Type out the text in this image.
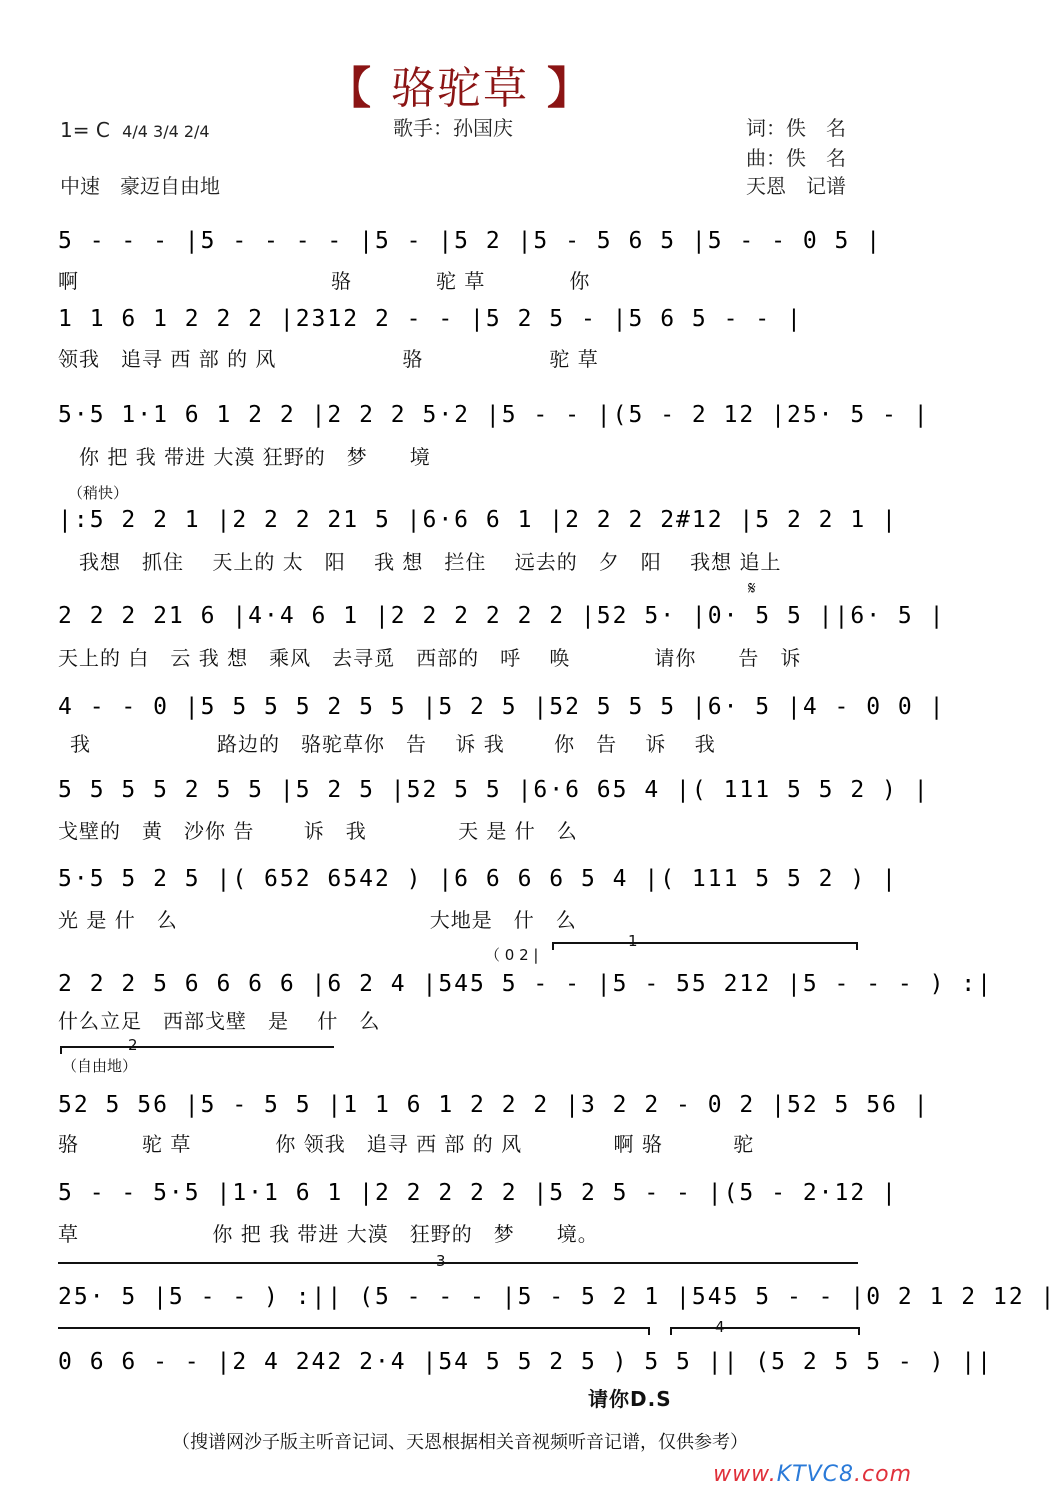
【 骆驼草 】
1= C 4/4 3/4 2/4	歌手：孙国庆	词：佚　名
曲：佚　名
中速　豪迈自由地	天恩　记谱
5 - - - |5 - - - - |5 - |5 2 |5 - 5 6 5 |5 - - 0 5 |
啊　　　　　　　　　　　　骆　　　　驼 草　　　　你
1 1 6 1 2 2 2 |2312 2 - - |5 2 5 - |5 6 5 - - |
领我　追寻 西 部 的 风　　　　　　骆　　　　　　驼 草
5·5 1·1 6 1 2 2 |2 2 2 5·2 |5 - - |(5 - 2 12 |25· 5 - |
　你 把 我 带进 大漠 狂野的　梦　　境
（稍快）
|:5 2 2 1 |2 2 2 21 5 |6·6 6 1 |2 2 2 2#12 |5 2 2 1 |
　我想　抓住　 天上的 太　阳　 我 想　拦住　 远去的　夕　阳　 我想 追上
𝄋
2 2 2 21 6 |4·4 6 1 |2 2 2 2 2 2 |52 5· |0· 5 5 ||6· 5 |
天上的 白　云 我 想　乘风　去寻觅　西部的　呼　 唤　　　　请你　　告　诉
4 - - 0 |5 5 5 5 2 5 5 |5 2 5 |52 5 5 5 |6· 5 |4 - 0 0 |
我　　　　　　路边的　骆驼草你　告　 诉 我　　 你　告　 诉　 我
5 5 5 5 2 5 5 |5 2 5 |52 5 5 |6·6 65 4 |( 111 5 5 2 ) |
戈壁的　黄　沙你 告　　 诉　我　　　　 天 是 什　么
5·5 5 2 5 |( 652 6542 ) |6 6 6 6 5 4 |( 111 5 5 2 ) |
光 是 什　么　　　　　　　　　　　　大地是　什　么
（ 0 2 |
1
2 2 2 5 6 6 6 6 |6 2 4 |545 5 - - |5 - 55 212 |5 - - - ) :|
什么立足　西部戈壁　是　 什　么
2
（自由地）
52 5 56 |5 - 5 5 |1 1 6 1 2 2 2 |3 2 2 - 0 2 |52 5 56 |
骆　　　驼 草　　　　你 领我　追寻 西 部 的 风　　　　 啊 骆　　　 驼
5 - - 5·5 |1·1 6 1 |2 2 2 2 2 |5 2 5 - - |(5 - 2·12 |
草　　　　　　 你 把 我 带进 大漠　狂野的　梦　　境。
3
25· 5 |5 - - ) :|| (5 - - - |5 - 5 2 1 |545 5 - - |0 2 1 2 12 |
4
0 6 6 - - |2 4 242 2·4 |54 5 5 2 5 ) 5 5 || (5 2 5 5 - ) ||
请你D.S
（搜谱网沙子版主听音记词、天恩根据相关音视频听音记谱，仅供参考）
www.KTVC8.com
